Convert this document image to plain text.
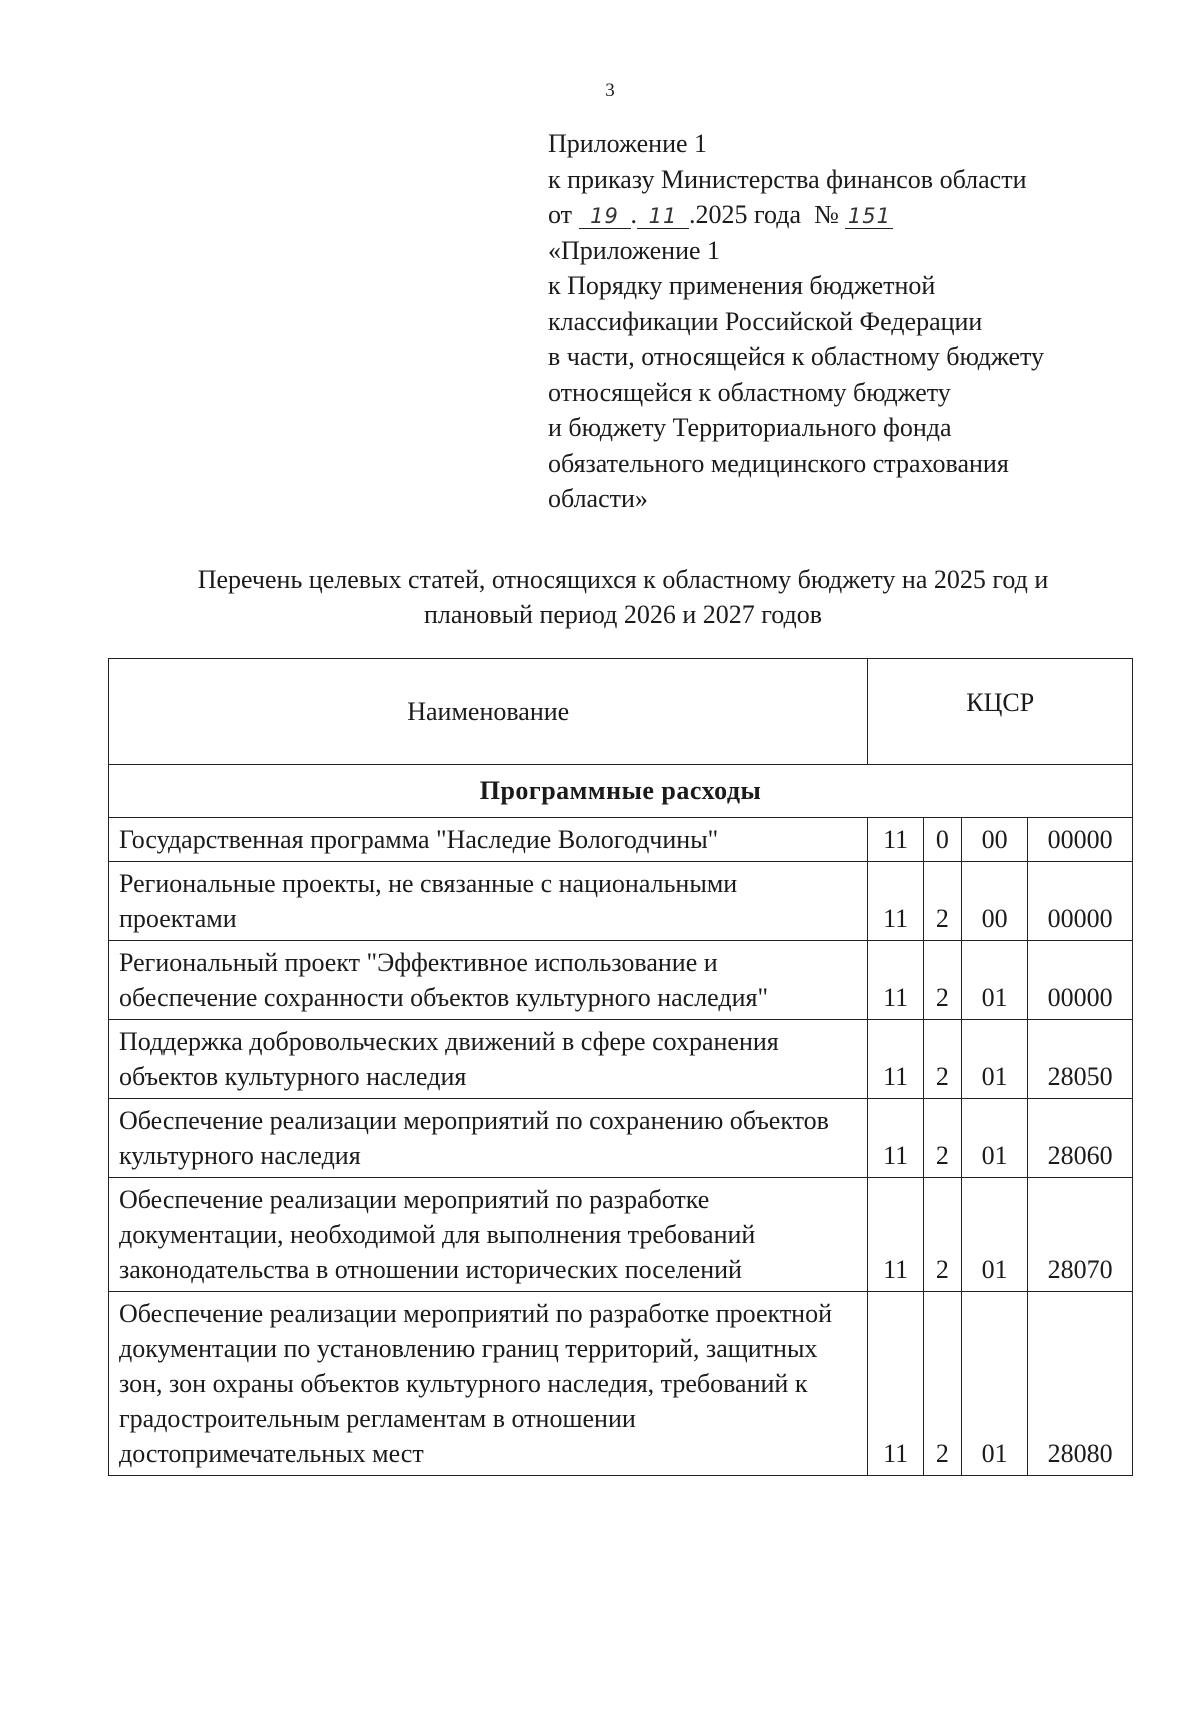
3
Приложение 1
к приказу Министерства финансов области
от 19 . 11 .2025 года № 151
«Приложение 1
к Порядку применения бюджетной
классификации Российской Федерации
в части, относящейся к областному бюджету
относящейся к областному бюджету
и бюджету Территориального фонда
обязательного медицинского страхования
области»
Перечень целевых статей, относящихся к областному бюджету на 2025 год и
плановый период 2026 и 2027 годов
Наименование	КЦСР			
Программные расходы				
Государственная программа "Наследие Вологодчины"	11	0	00	00000
Региональные проекты, не связанные с национальными проектами	11	2	00	00000
Региональный проект "Эффективное использование и обеспечение сохранности объектов культурного наследия"	11	2	01	00000
Поддержка добровольческих движений в сфере сохранения объектов культурного наследия	11	2	01	28050
Обеспечение реализации мероприятий по сохранению объектов культурного наследия	11	2	01	28060
Обеспечение реализации мероприятий по разработке документации, необходимой для выполнения требований законодательства в отношении исторических поселений	11	2	01	28070
Обеспечение реализации мероприятий по разработке проектной документации по установлению границ территорий, защитных зон, зон охраны объектов культурного наследия, требований к градостроительным регламентам в отношении достопримечательных мест	11	2	01	28080
